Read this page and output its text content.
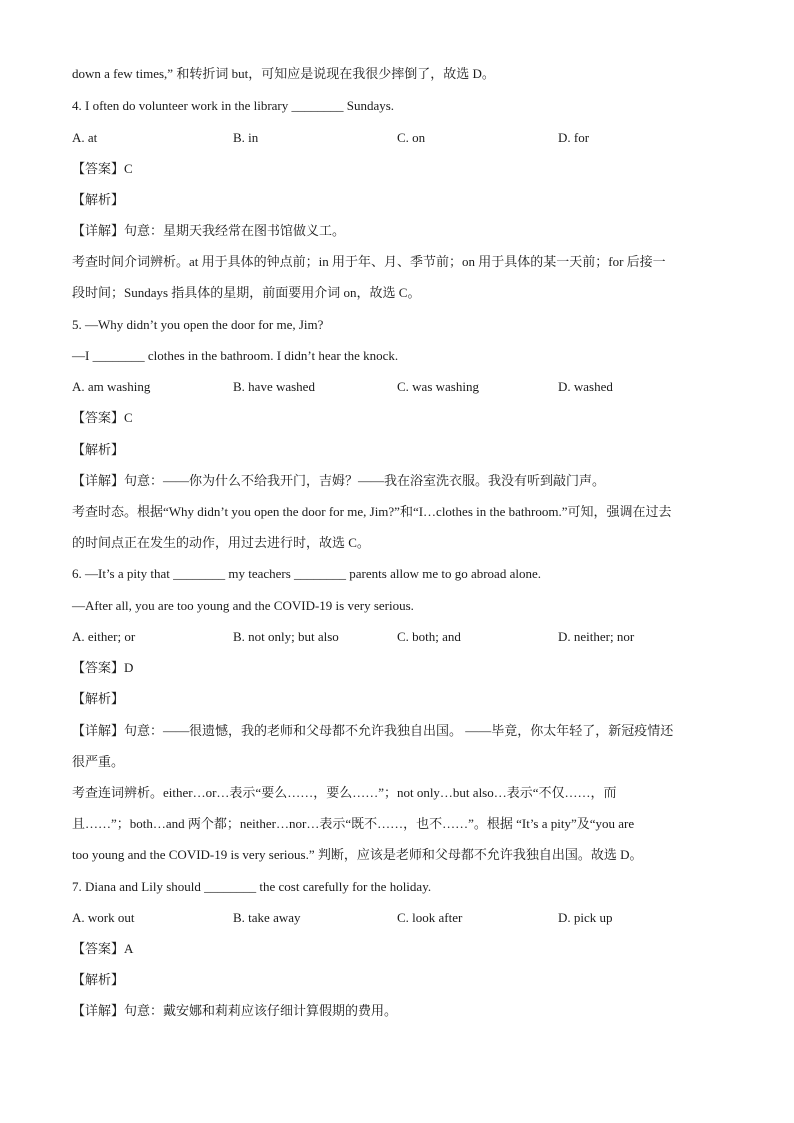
down a few times,” 和转折词 but，可知应是说现在我很少摔倒了，故选 D。
4. I often do volunteer work in the library ________ Sundays.
A. at	B. in	C. on	D. for
【答案】C
【解析】
【详解】句意：星期天我经常在图书馆做义工。
考查时间介词辨析。at 用于具体的钟点前；in 用于年、月、季节前；on 用于具体的某一天前；for 后接一
段时间；Sundays 指具体的星期，前面要用介词 on，故选 C。
5. —Why didn’t you open the door for me, Jim?
—I ________ clothes in the bathroom. I didn’t hear the knock.
A. am washing	B. have washed	C. was washing	D. washed
【答案】C
【解析】
【详解】句意：——你为什么不给我开门，吉姆？——我在浴室洗衣服。我没有听到敲门声。
考查时态。根据“Why didn’t you open the door for me, Jim?”和“I…clothes in the bathroom.”可知，强调在过去
的时间点正在发生的动作，用过去进行时，故选 C。
6. —It’s a pity that ________ my teachers ________ parents allow me to go abroad alone.
—After all, you are too young and the COVID-19 is very serious.
A. either; or	B. not only; but also	C. both; and	D. neither; nor
【答案】D
【解析】
【详解】句意：——很遗憾，我的老师和父母都不允许我独自出国。 ——毕竟，你太年轻了，新冠疫情还
很严重。
考查连词辨析。either…or…表示“要么……，要么……”；not only…but also…表示“不仅……，而
且……”；both…and 两个都；neither…nor…表示“既不……，也不……”。根据 “It’s a pity”及“you are
too young and the COVID-19 is very serious.” 判断，应该是老师和父母都不允许我独自出国。故选 D。
7. Diana and Lily should ________ the cost carefully for the holiday.
A. work out	B. take away	C. look after	D. pick up
【答案】A
【解析】
【详解】句意：戴安娜和莉莉应该仔细计算假期的费用。
